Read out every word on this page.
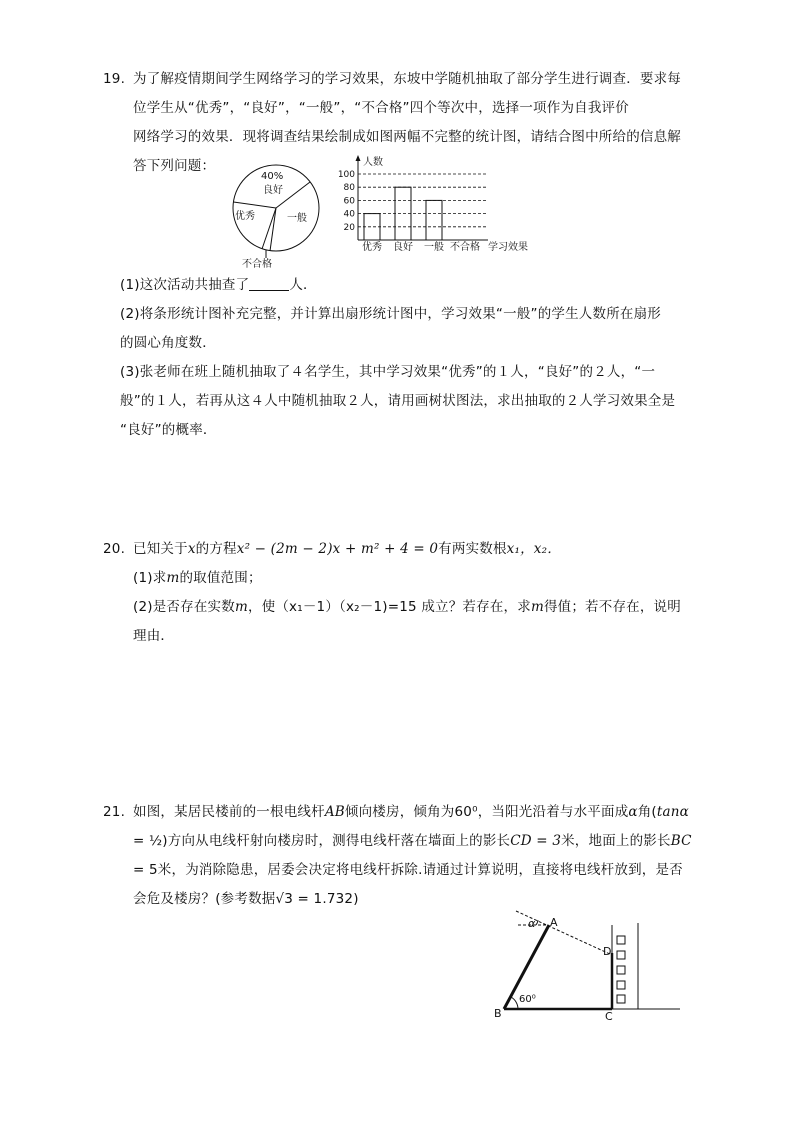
19. 为了解疫情期间学生网络学习的学习效果，东坡中学随机抽取了部分学生进行调查．要求每
位学生从“优秀”，“良好”，“一般”，“不合格”四个等次中，选择一项作为自我评价
网络学习的效果．现将调查结果绘制成如图两幅不完整的统计图，请结合图中所给的信息解
答下列问题：
40%
良好
优秀	一般
不合格
20
40
60
80
100
优秀 良好 一般 不合格
人数
学习效果
(1)这次活动共抽查了	人．
(2)将条形统计图补充完整，并计算出扇形统计图中，学习效果“一般”的学生人数所在扇形
的圆心角度数．
(3)张老师在班上随机抽取了４名学生，其中学习效果“优秀”的１人，“良好”的２人，“一
般”的１人，若再从这４人中随机抽取２人，请用画树状图法，求出抽取的２人学习效果全是
“良好”的概率．
20. 已知关于x的方程x² − (2m − 2)x + m² + 4 = 0有两实数根x₁，x₂．
(1)求m的取值范围；
(2)是否存在实数m，使（x₁－1）（x₂－1)=15 成立？若存在，求m得值；若不存在，说明
理由．
21. 如图，某居民楼前的一根电线杆AB倾向楼房，倾角为60⁰，当阳光沿着与水平面成α角(tanα
= ½)方向从电线杆射向楼房时，测得电线杆落在墙面上的影长CD = 3米，地面上的影长BC
= 5米，为消除隐患，居委会决定将电线杆拆除.请通过计算说明，直接将电线杆放到，是否
会危及楼房？(参考数据√3 = 1.732)
A
B	C
D
α
60⁰
